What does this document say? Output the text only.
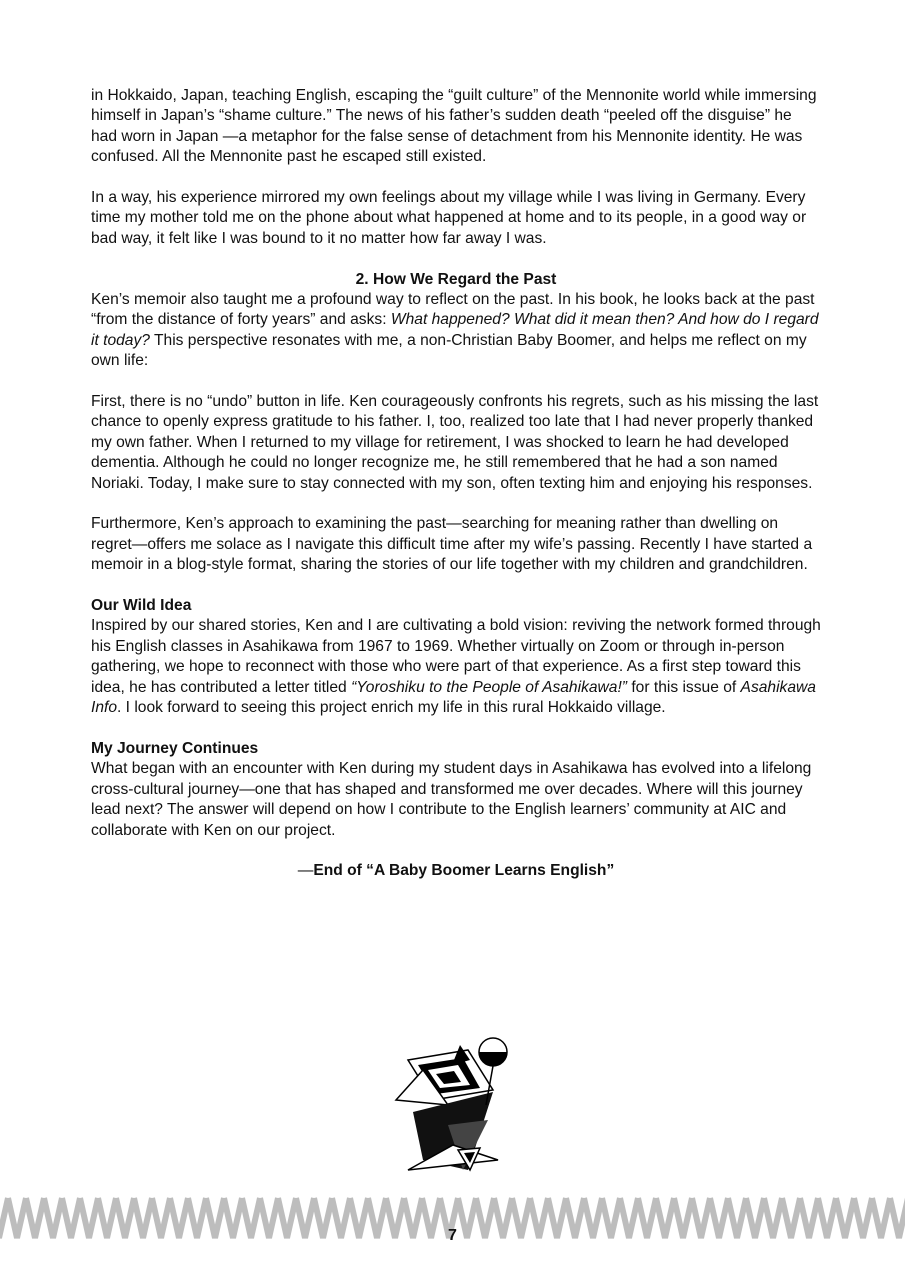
in Hokkaido, Japan, teaching English, escaping the “guilt culture” of the Mennonite world while immersing himself in Japan’s “shame culture.” The news of his father’s sudden death “peeled off the disguise” he had worn in Japan —a metaphor for the false sense of detachment from his Mennonite identity. He was confused. All the Mennonite past he escaped still existed.

In a way, his experience mirrored my own feelings about my village while I was living in Germany. Every time my mother told me on the phone about what happened at home and to its people, in a good way or bad way, it felt like I was bound to it no matter how far away I was.

2. How We Regard the Past

Ken’s memoir also taught me a profound way to reflect on the past. In his book, he looks back at the past “from the distance of forty years” and asks: What happened? What did it mean then? And how do I regard it today? This perspective resonates with me, a non-Christian Baby Boomer, and helps me reflect on my own life:

First, there is no “undo” button in life. Ken courageously confronts his regrets, such as his missing the last chance to openly express gratitude to his father. I, too, realized too late that I had never properly thanked my own father. When I returned to my village for retirement, I was shocked to learn he had developed dementia. Although he could no longer recognize me, he still remembered that he had a son named Noriaki. Today, I make sure to stay connected with my son, often texting him and enjoying his responses.

Furthermore, Ken’s approach to examining the past—searching for meaning rather than dwelling on regret—offers me solace as I navigate this difficult time after my wife’s passing. Recently I have started a memoir in a blog-style format, sharing the stories of our life together with my children and grandchildren.

Our Wild Idea

Inspired by our shared stories, Ken and I are cultivating a bold vision: reviving the network formed through his English classes in Asahikawa from 1967 to 1969. Whether virtually on Zoom or through in-person gathering, we hope to reconnect with those who were part of that experience. As a first step toward this idea, he has contributed a letter titled “Yoroshiku to the People of Asahikawa!” for this issue of Asahikawa Info. I look forward to seeing this project enrich my life in this rural Hokkaido village.

My Journey Continues

What began with an encounter with Ken during my student days in Asahikawa has evolved into a lifelong cross-cultural journey—one that has shaped and transformed me over decades. Where will this journey lead next? The answer will depend on how I contribute to the English learners’ community at AIC and collaborate with Ken on our project.

—End of “A Baby Boomer Learns English”
7
